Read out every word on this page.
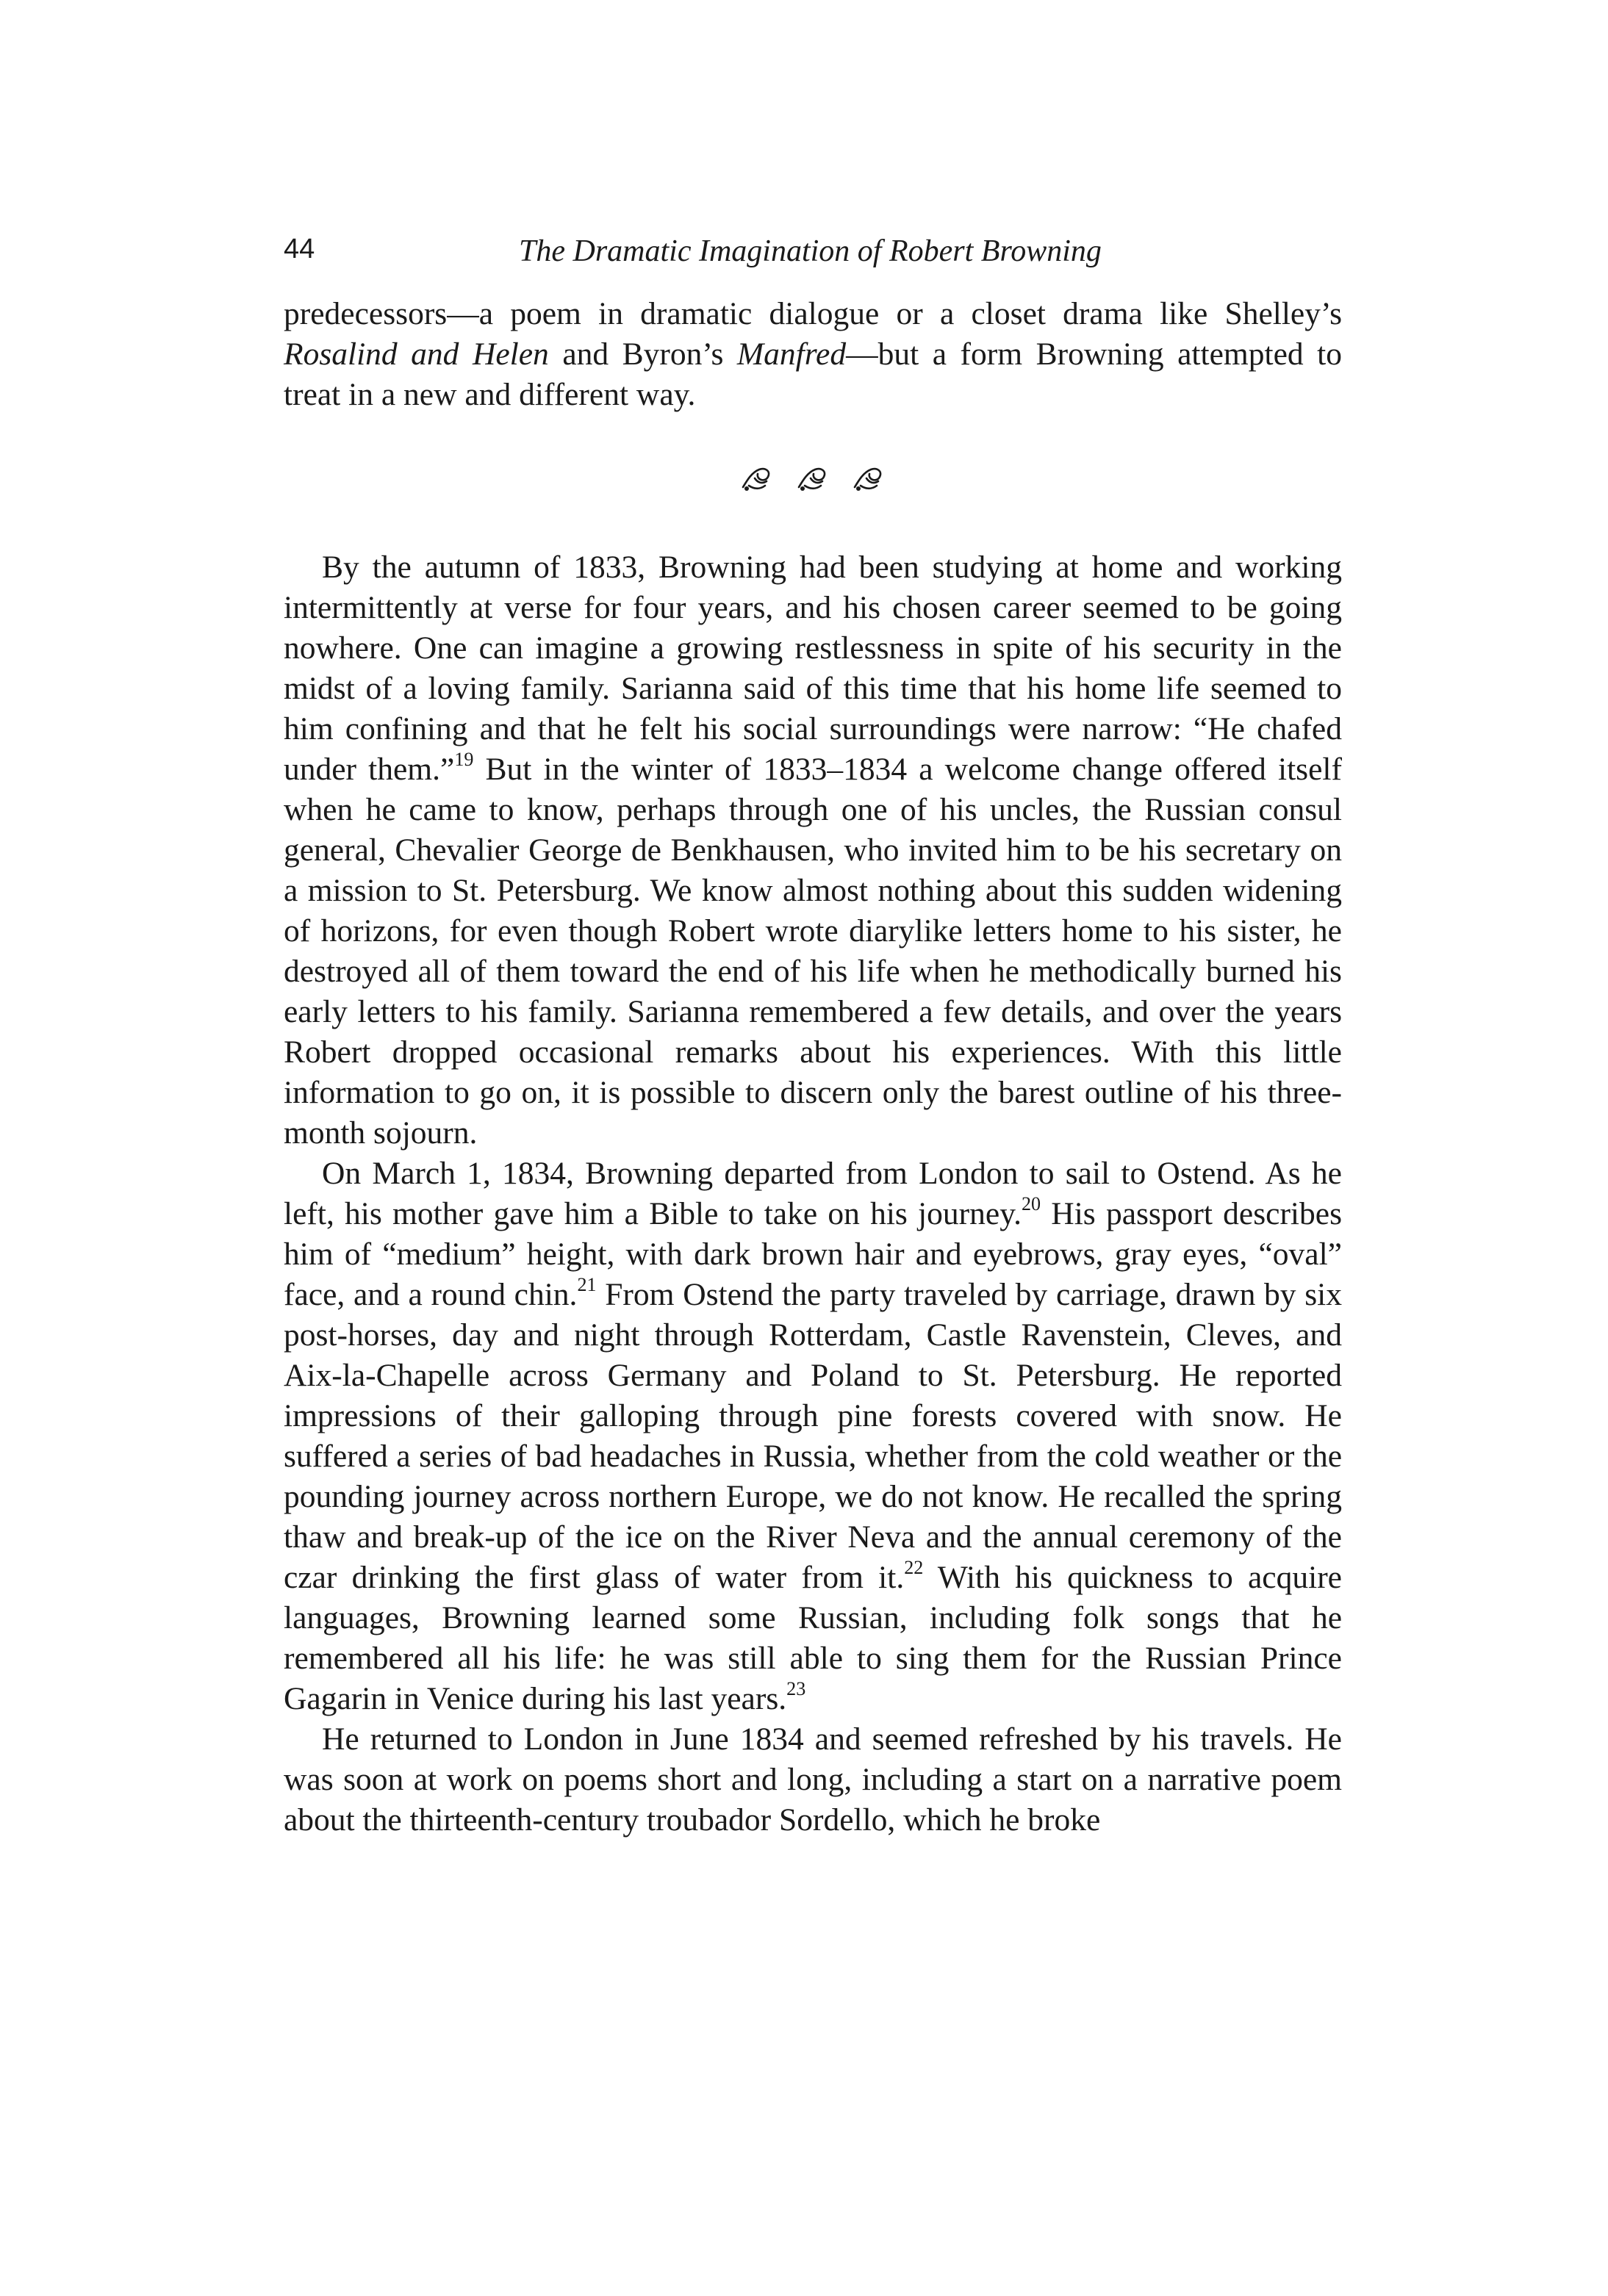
44	The Dramatic Imagination of Robert Browning

predecessors—a poem in dramatic dialogue or a closet drama like Shelley’s Rosalind and Helen and Byron’s Manfred—but a form Browning attempted to treat in a new and different way.

By the autumn of 1833, Browning had been studying at home and working intermittently at verse for four years, and his chosen career seemed to be going nowhere. One can imagine a growing restlessness in spite of his security in the midst of a loving family. Sarianna said of this time that his home life seemed to him confining and that he felt his social surroundings were narrow: “He chafed under them.”$^{19}$ But in the winter of 1833–1834 a welcome change offered itself when he came to know, perhaps through one of his uncles, the Russian consul general, Chevalier George de Benkhausen, who invited him to be his secretary on a mission to St. Petersburg. We know almost nothing about this sudden widening of horizons, for even though Robert wrote diarylike letters home to his sister, he destroyed all of them toward the end of his life when he methodically burned his early letters to his family. Sarianna remembered a few details, and over the years Robert dropped occasional remarks about his experiences. With this little information to go on, it is possible to discern only the barest outline of his three-month sojourn.

On March 1, 1834, Browning departed from London to sail to Ostend. As he left, his mother gave him a Bible to take on his journey.$^{20}$ His passport describes him of “medium” height, with dark brown hair and eyebrows, gray eyes, “oval” face, and a round chin.$^{21}$ From Ostend the party traveled by carriage, drawn by six post-horses, day and night through Rotterdam, Castle Ravenstein, Cleves, and Aix-la-Chapelle across Germany and Poland to St. Petersburg. He reported impressions of their galloping through pine forests covered with snow. He suffered a series of bad headaches in Russia, whether from the cold weather or the pounding journey across northern Europe, we do not know. He recalled the spring thaw and break-up of the ice on the River Neva and the annual ceremony of the czar drinking the first glass of water from it.$^{22}$ With his quickness to acquire languages, Browning learned some Russian, including folk songs that he remembered all his life: he was still able to sing them for the Russian Prince Gagarin in Venice during his last years.$^{23}$

He returned to London in June 1834 and seemed refreshed by his travels. He was soon at work on poems short and long, including a start on a narrative poem about the thirteenth-century troubador Sordello, which he broke
